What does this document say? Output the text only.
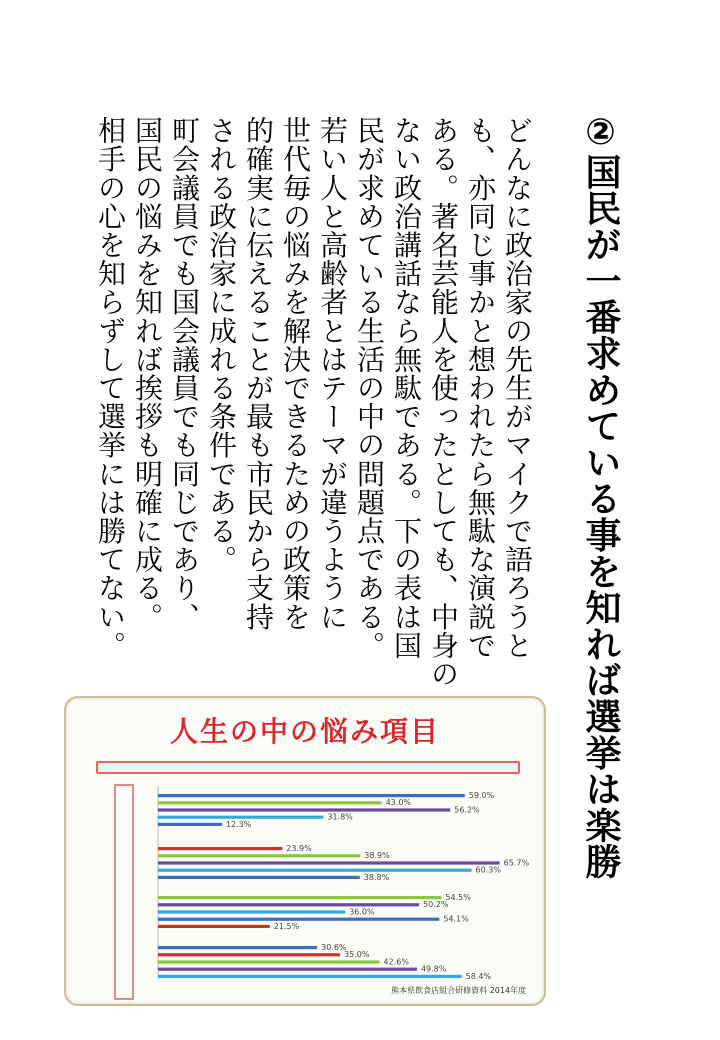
②国民が一番求めている事を知れば選挙は楽勝
どんなに政治家の先生がマイクで語ろうと
も、亦同じ事かと想われたら無駄な演説で
ある。著名芸能人を使ったとしても、中身の
ない政治講話なら無駄である。下の表は国
民が求めている生活の中の問題点である。
若い人と高齢者とはテーマが違うように
世代毎の悩みを解決できるための政策を
的確実に伝えることが最も市民から支持
される政治家に成れる条件である。
町会議員でも国会議員でも同じであり、
国民の悩みを知れば挨拶も明確に成る。
相手の心を知らずして選挙には勝てない。
人生の中の悩み項目
59.0%
43.0%
56.2%
31.8%
12.3%
23.9%
38.9%
65.7%
60.3%
38.8%
54.5%
50.2%
36.0%
54.1%
21.5%
30.6%
35.0%
42.6%
49.8%
58.4%
熊本県飲食店組合研修資料 2014年度
